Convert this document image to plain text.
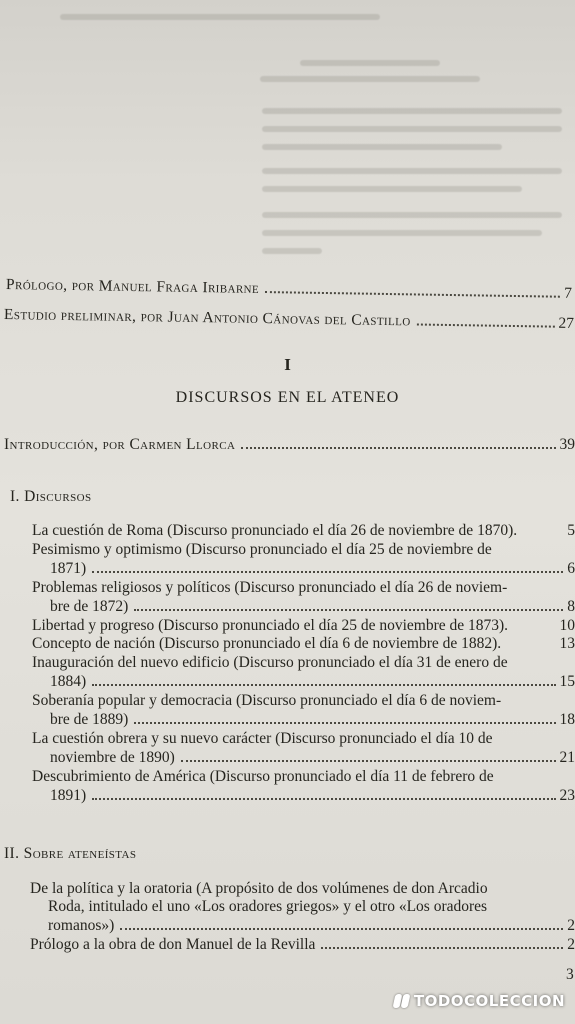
Prólogo, por Manuel Fraga Iribarne	7
Estudio preliminar, por Juan Antonio Cánovas del Castillo	27
I
DISCURSOS EN EL ATENEO
Introducción, por Carmen Llorca	39
I. Discursos
La cuestión de Roma (Discurso pronunciado el día 26 de noviembre de 1870).	5
Pesimismo y optimismo (Discurso pronunciado el día 25 de noviembre de
1871)	6
Problemas religiosos y políticos (Discurso pronunciado el día 26 de noviem-
bre de 1872)	8
Libertad y progreso (Discurso pronunciado el día 25 de noviembre de 1873).	10
Concepto de nación (Discurso pronunciado el día 6 de noviembre de 1882).	13
Inauguración del nuevo edificio (Discurso pronunciado el día 31 de enero de
1884)	15
Soberanía popular y democracia (Discurso pronunciado el día 6 de noviem-
bre de 1889)	18
La cuestión obrera y su nuevo carácter (Discurso pronunciado el día 10 de
noviembre de 1890)	21
Descubrimiento de América (Discurso pronunciado el día 11 de febrero de
1891)	23
II. Sobre ateneístas
De la política y la oratoria (A propósito de dos volúmenes de don Arcadio
Roda, intitulado el uno «Los oradores griegos» y el otro «Los oradores
romanos»)	2
Prólogo a la obra de don Manuel de la Revilla	2
3
TODOCOLECCION
